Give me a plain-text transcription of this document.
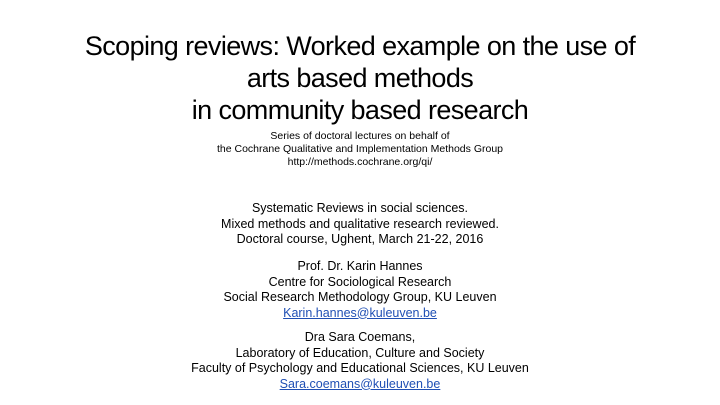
Scoping reviews: Worked example on the use of
arts based methods
in community based research
Series of doctoral lectures on behalf of
the Cochrane Qualitative and Implementation Methods Group
http://methods.cochrane.org/qi/
Systematic Reviews in social sciences.
Mixed methods and qualitative research reviewed.
Doctoral course, Ughent, March 21-22, 2016
Prof. Dr. Karin Hannes
Centre for Sociological Research
Social Research Methodology Group, KU Leuven
Karin.hannes@kuleuven.be
Dra Sara Coemans,
Laboratory of Education, Culture and Society
Faculty of Psychology and Educational Sciences, KU Leuven
Sara.coemans@kuleuven.be
